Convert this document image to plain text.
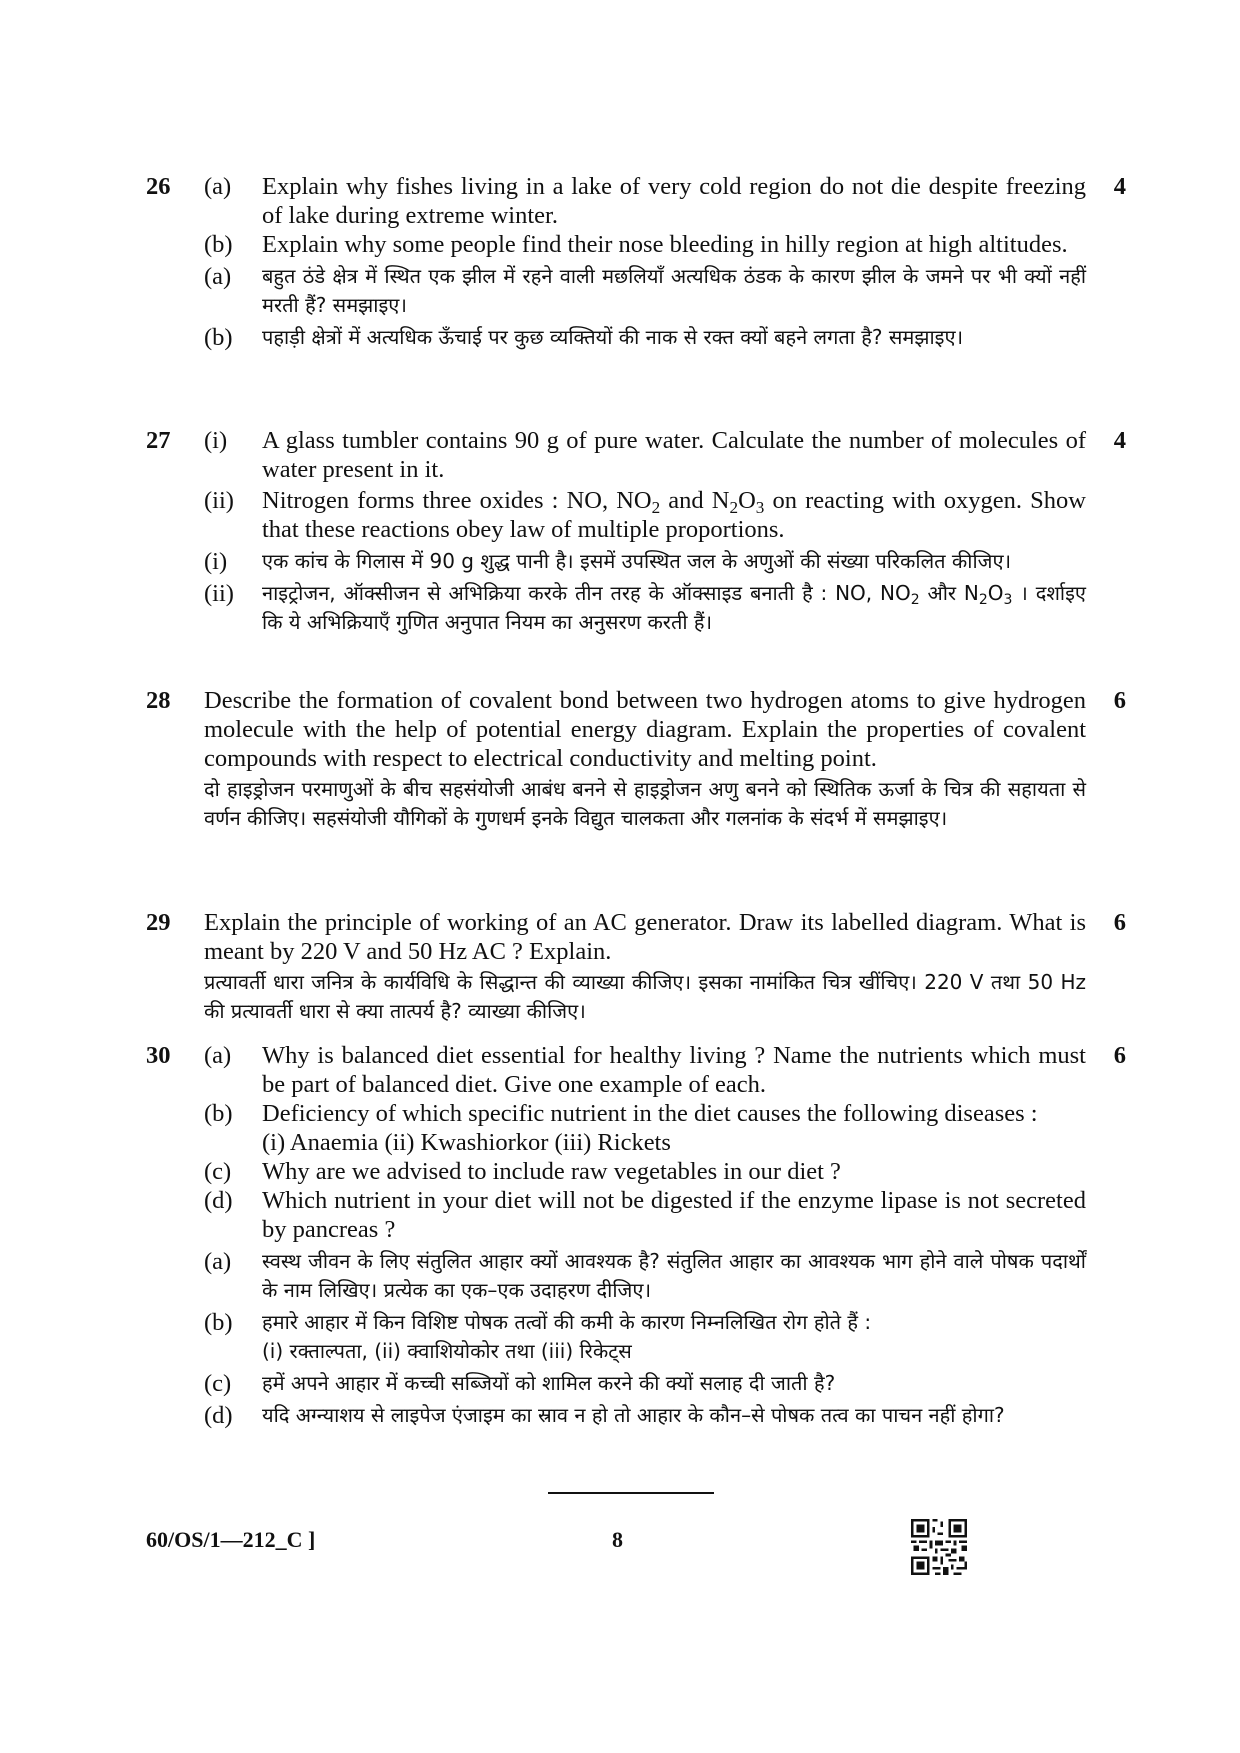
26	4
(a)	Explain why fishes living in a lake of very cold region do not die despite freezing of lake during extreme winter.
(b)	Explain why some people find their nose bleeding in hilly region at high altitudes.
(a)	बहुत ठंडे क्षेत्र में स्थित एक झील में रहने वाली मछलियाँ अत्यधिक ठंडक के कारण झील के जमने पर भी क्यों नहीं मरती हैं? समझाइए।
(b)	पहाड़ी क्षेत्रों में अत्यधिक ऊँचाई पर कुछ व्यक्तियों की नाक से रक्त क्यों बहने लगता है? समझाइए।
27	4
(i)	A glass tumbler contains 90 g of pure water. Calculate the number of molecules of water present in it.
(ii)	Nitrogen forms three oxides : NO, $NO_2$ and $N_2O_3$ on reacting with oxygen. Show that these reactions obey law of multiple proportions.
(i)	एक कांच के गिलास में 90 g शुद्ध पानी है। इसमें उपस्थित जल के अणुओं की संख्या परिकलित कीजिए।
(ii)	नाइट्रोजन, ऑक्सीजन से अभिक्रिया करके तीन तरह के ऑक्साइड बनाती है : NO, $NO_2$ और $N_2O_3$ । दर्शाइए कि ये अभिक्रियाएँ गुणित अनुपात नियम का अनुसरण करती हैं।
28	6
Describe the formation of covalent bond between two hydrogen atoms to give hydrogen molecule with the help of potential energy diagram. Explain the properties of covalent compounds with respect to electrical conductivity and melting point.
दो हाइड्रोजन परमाणुओं के बीच सहसंयोजी आबंध बनने से हाइड्रोजन अणु बनने को स्थितिक ऊर्जा के चित्र की सहायता से वर्णन कीजिए। सहसंयोजी यौगिकों के गुणधर्म इनके विद्युत चालकता और गलनांक के संदर्भ में समझाइए।
29	6
Explain the principle of working of an AC generator. Draw its labelled diagram. What is meant by 220 V and 50 Hz AC ? Explain.
प्रत्यावर्ती धारा जनित्र के कार्यविधि के सिद्धान्त की व्याख्या कीजिए। इसका नामांकित चित्र खींचिए। 220 V तथा 50 Hz की प्रत्यावर्ती धारा से क्या तात्पर्य है? व्याख्या कीजिए।
30	6
(a)	Why is balanced diet essential for healthy living ? Name the nutrients which must be part of balanced diet. Give one example of each.
(b)	Deficiency of which specific nutrient in the diet causes the following diseases :
(i) Anaemia (ii) Kwashiorkor (iii) Rickets
(c)	Why are we advised to include raw vegetables in our diet ?
(d)	Which nutrient in your diet will not be digested if the enzyme lipase is not secreted by pancreas ?
(a)	स्वस्थ जीवन के लिए संतुलित आहार क्यों आवश्यक है? संतुलित आहार का आवश्यक भाग होने वाले पोषक पदार्थों के नाम लिखिए। प्रत्येक का एक–एक उदाहरण दीजिए।
(b)	हमारे आहार में किन विशिष्ट पोषक तत्वों की कमी के कारण निम्नलिखित रोग होते हैं :
(i) रक्ताल्पता, (ii) क्वाशियोकोर तथा (iii) रिकेट्स
(c)	हमें अपने आहार में कच्ची सब्जियों को शामिल करने की क्यों सलाह दी जाती है?
(d)	यदि अग्न्याशय से लाइपेज एंजाइम का स्राव न हो तो आहार के कौन–से पोषक तत्व का पाचन नहीं होगा?
60/OS/1—212_C ]	8
